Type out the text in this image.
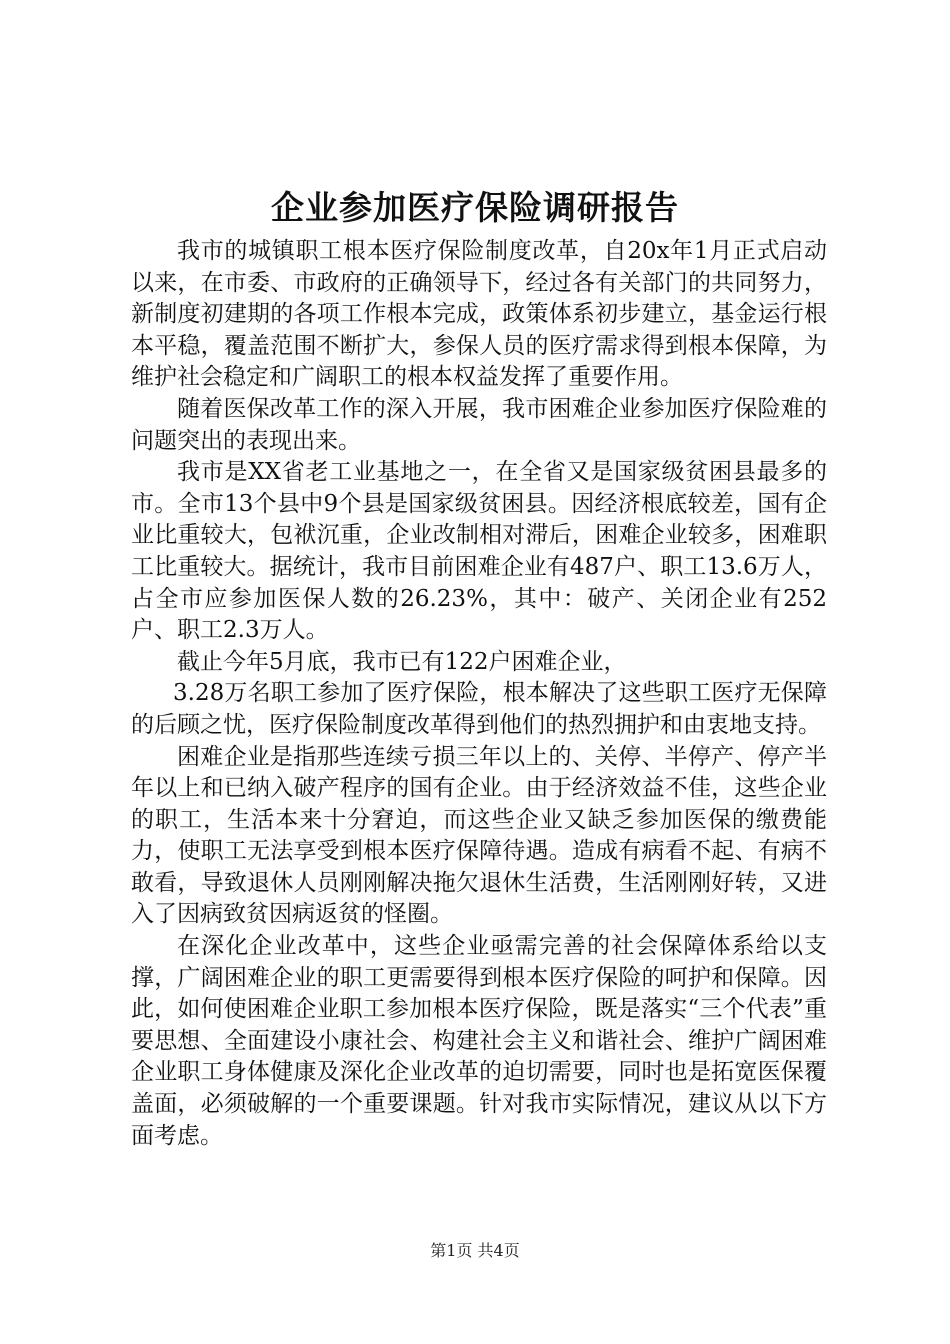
企业参加医疗保险调研报告

我市的城镇职工根本医疗保险制度改革，自20x年1月正式启动以来，在市委、市政府的正确领导下，经过各有关部门的共同努力，新制度初建期的各项工作根本完成，政策体系初步建立，基金运行根本平稳，覆盖范围不断扩大，参保人员的医疗需求得到根本保障，为维护社会稳定和广阔职工的根本权益发挥了重要作用。

随着医保改革工作的深入开展，我市困难企业参加医疗保险难的问题突出的表现出来。

我市是XX省老工业基地之一，在全省又是国家级贫困县最多的市。全市13个县中9个县是国家级贫困县。因经济根底较差，国有企业比重较大，包袱沉重，企业改制相对滞后，困难企业较多，困难职工比重较大。据统计，我市目前困难企业有487户、职工13.6万人，占全市应参加医保人数的26.23%，其中：破产、关闭企业有252户、职工2.3万人。

截止今年5月底，我市已有122户困难企业，

3.28万名职工参加了医疗保险，根本解决了这些职工医疗无保障的后顾之忧，医疗保险制度改革得到他们的热烈拥护和由衷地支持。

困难企业是指那些连续亏损三年以上的、关停、半停产、停产半年以上和已纳入破产程序的国有企业。由于经济效益不佳，这些企业的职工，生活本来十分窘迫，而这些企业又缺乏参加医保的缴费能力，使职工无法享受到根本医疗保障待遇。造成有病看不起、有病不敢看，导致退休人员刚刚解决拖欠退休生活费，生活刚刚好转，又进入了因病致贫因病返贫的怪圈。

在深化企业改革中，这些企业亟需完善的社会保障体系给以支撑，广阔困难企业的职工更需要得到根本医疗保险的呵护和保障。因此，如何使困难企业职工参加根本医疗保险，既是落实“三个代表”重要思想、全面建设小康社会、构建社会主义和谐社会、维护广阔困难企业职工身体健康及深化企业改革的迫切需要，同时也是拓宽医保覆盖面，必须破解的一个重要课题。针对我市实际情况，建议从以下方面考虑。

第1页 共4页
